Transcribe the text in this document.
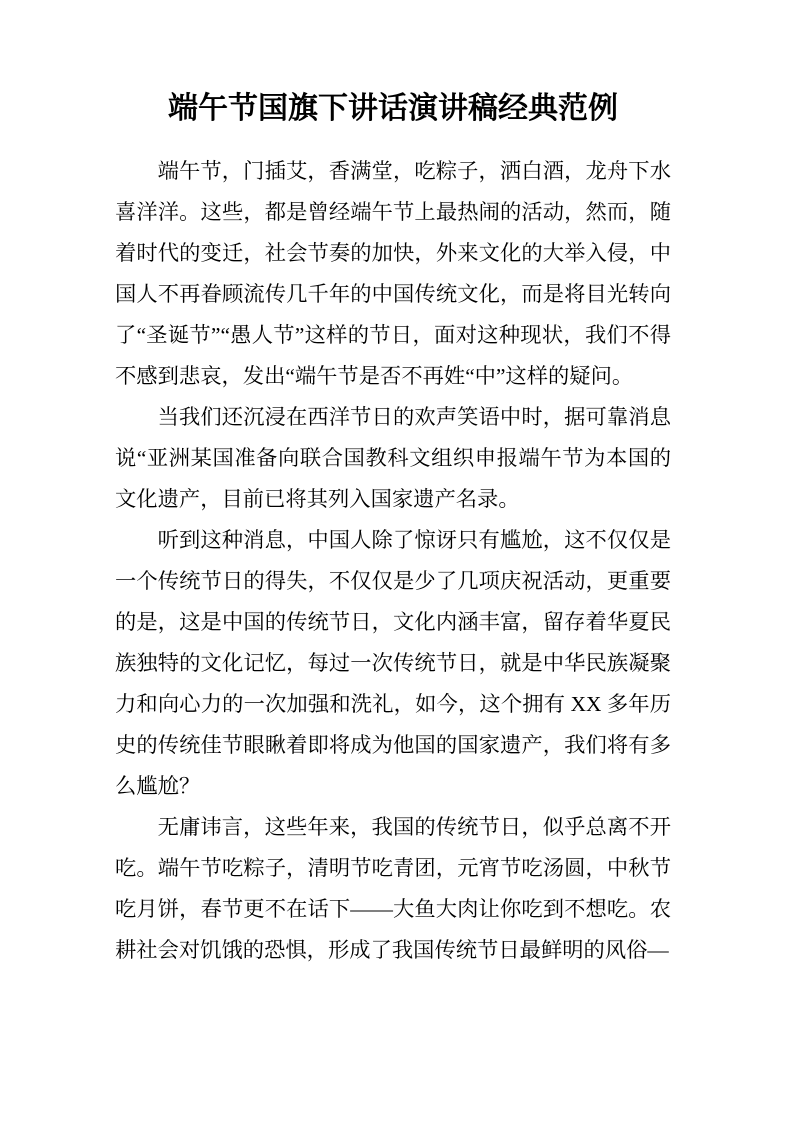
端午节国旗下讲话演讲稿经典范例

端午节，门插艾，香满堂，吃粽子，洒白酒，龙舟下水喜洋洋。这些，都是曾经端午节上最热闹的活动，然而，随着时代的变迁，社会节奏的加快，外来文化的大举入侵，中国人不再眷顾流传几千年的中国传统文化，而是将目光转向了“圣诞节”“愚人节”这样的节日，面对这种现状，我们不得不感到悲哀，发出“端午节是否不再姓“中”这样的疑问。

当我们还沉浸在西洋节日的欢声笑语中时，据可靠消息说“亚洲某国准备向联合国教科文组织申报端午节为本国的文化遗产，目前已将其列入国家遗产名录。

听到这种消息，中国人除了惊讶只有尴尬，这不仅仅是一个传统节日的得失，不仅仅是少了几项庆祝活动，更重要的是，这是中国的传统节日，文化内涵丰富，留存着华夏民族独特的文化记忆，每过一次传统节日，就是中华民族凝聚力和向心力的一次加强和洗礼，如今，这个拥有 XX 多年历史的传统佳节眼瞅着即将成为他国的国家遗产，我们将有多么尴尬？

无庸讳言，这些年来，我国的传统节日，似乎总离不开吃。端午节吃粽子，清明节吃青团，元宵节吃汤圆，中秋节吃月饼，春节更不在话下——大鱼大肉让你吃到不想吃。农耕社会对饥饿的恐惧，形成了我国传统节日最鲜明的风俗—
